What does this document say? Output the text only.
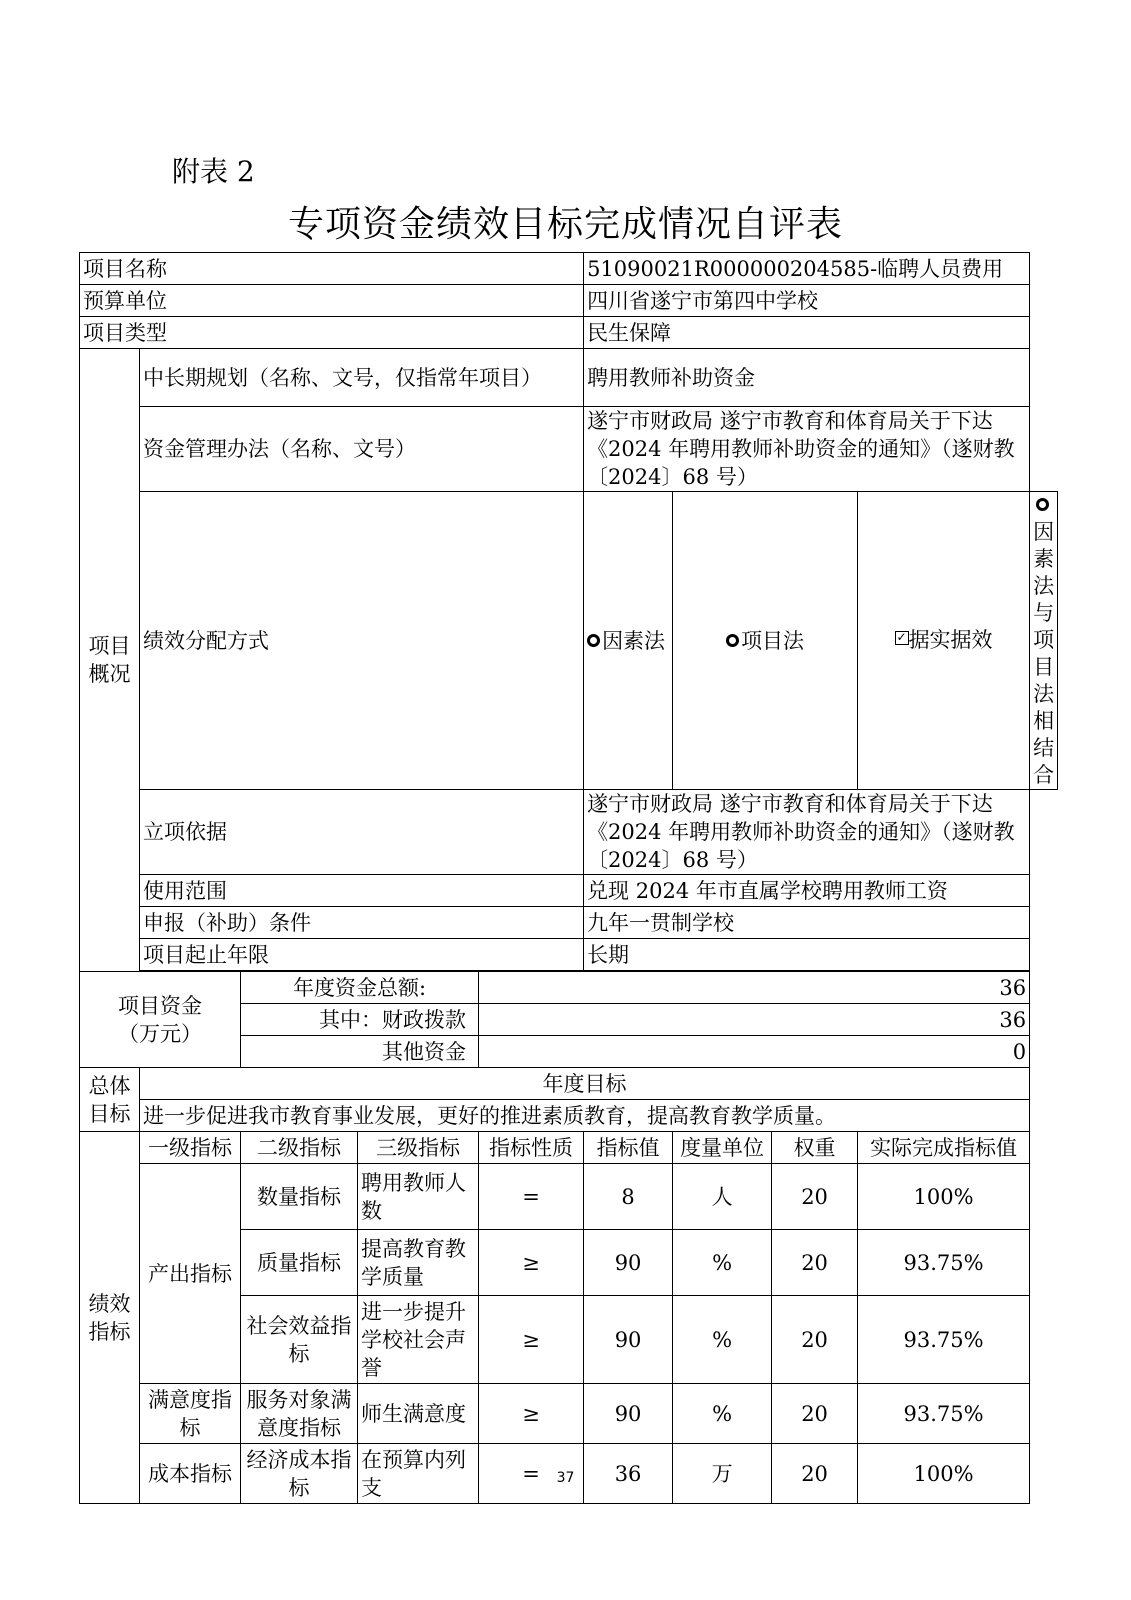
附表 2
专项资金绩效目标完成情况自评表
项目名称					51090021R000000204585-临聘人员费用				
预算单位					四川省遂宁市第四中学校				
项目类型					民生保障				
项目概况	中长期规划（名称、文号，仅指常年项目）				聘用教师补助资金				
	资金管理办法（名称、文号）				遂宁市财政局 遂宁市教育和体育局关于下达《2024 年聘用教师补助资金的通知》（遂财教〔2024〕68 号）				
	绩效分配方式				因素法	项目法		✓据实据效	因素法与项目法相结合
	立项依据				遂宁市财政局 遂宁市教育和体育局关于下达《2024 年聘用教师补助资金的通知》（遂财教〔2024〕68 号）				
	使用范围				兑现 2024 年市直属学校聘用教师工资				
	申报（补助）条件				九年一贯制学校				
	项目起止年限				长期				

项目资金
（万元）		年度资金总额:		36					
		其中：财政拨款		36					
		其他资金		0					
总体目标	年度目标								
	进一步促进我市教育事业发展，更好的推进素质教育，提高教育教学质量。								
绩效指标	一级指标	二级指标	三级指标	指标性质	指标值	度量单位	权重	实际完成指标值	
	产出指标	数量指标	聘用教师人数	=	8	人	20	100%	
		质量指标	提高教育教学质量	≥	90	%	20	93.75%	
		社会效益指标	进一步提升学校社会声誉	≥	90	%	20	93.75%	
	满意度指标	服务对象满意度指标	师生满意度	≥	90	%	20	93.75%	
	成本指标	经济成本指标	在预算内列支	=	36	万	20	100%	
37
